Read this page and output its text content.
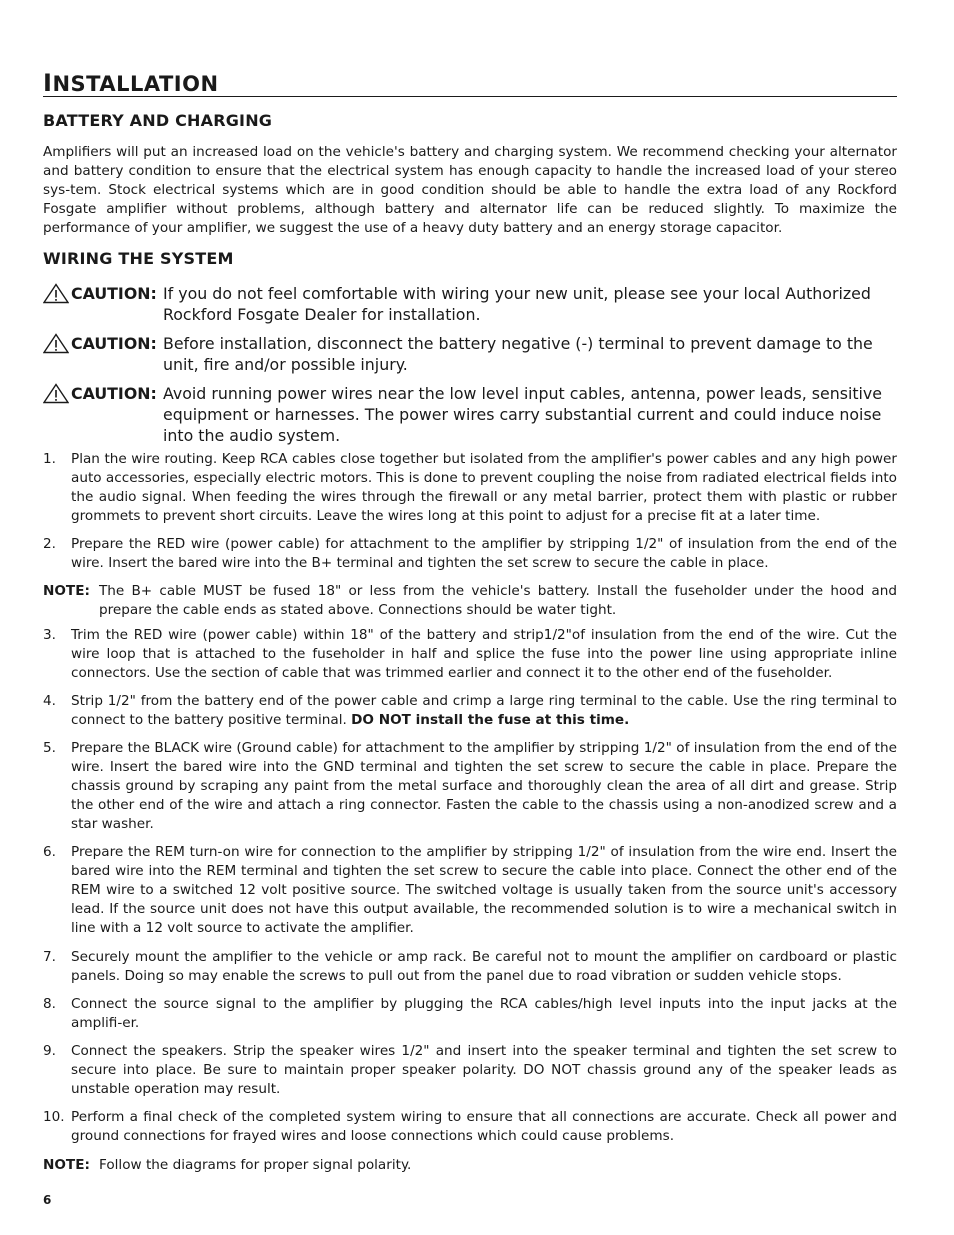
INSTALLATION
BATTERY AND CHARGING
Amplifiers will put an increased load on the vehicle's battery and charging system. We recommend checking your alternator and battery condition to ensure that the electrical system has enough capacity to handle the increased load of your stereo sys-tem. Stock electrical systems which are in good condition should be able to handle the extra load of any Rockford Fosgate amplifier without problems, although battery and alternator life can be reduced slightly. To maximize the performance of your amplifier, we suggest the use of a heavy duty battery and an energy storage capacitor.
WIRING THE SYSTEM
CAUTION: If you do not feel comfortable with wiring your new unit, please see your local Authorized Rockford Fosgate Dealer for installation.
CAUTION: Before installation, disconnect the battery negative (-) terminal to prevent damage to the unit, fire and/or possible injury.
CAUTION: Avoid running power wires near the low level input cables, antenna, power leads, sensitive equipment or harnesses. The power wires carry substantial current and could induce noise into the audio system.
1. Plan the wire routing. Keep RCA cables close together but isolated from the amplifier's power cables and any high power auto accessories, especially electric motors. This is done to prevent coupling the noise from radiated electrical fields into the audio signal. When feeding the wires through the firewall or any metal barrier, protect them with plastic or rubber grommets to prevent short circuits. Leave the wires long at this point to adjust for a precise fit at a later time.
2. Prepare the RED wire (power cable) for attachment to the amplifier by stripping 1/2" of insulation from the end of the wire. Insert the bared wire into the B+ terminal and tighten the set screw to secure the cable in place.
NOTE: The B+ cable MUST be fused 18" or less from the vehicle's battery. Install the fuseholder under the hood and prepare the cable ends as stated above. Connections should be water tight.
3. Trim the RED wire (power cable) within 18" of the battery and strip1/2"of insulation from the end of the wire. Cut the wire loop that is attached to the fuseholder in half and splice the fuse into the power line using appropriate inline connectors. Use the section of cable that was trimmed earlier and connect it to the other end of the fuseholder.
4. Strip 1/2" from the battery end of the power cable and crimp a large ring terminal to the cable. Use the ring terminal to connect to the battery positive terminal. DO NOT install the fuse at this time.
5. Prepare the BLACK wire (Ground cable) for attachment to the amplifier by stripping 1/2" of insulation from the end of the wire. Insert the bared wire into the GND terminal and tighten the set screw to secure the cable in place. Prepare the chassis ground by scraping any paint from the metal surface and thoroughly clean the area of all dirt and grease. Strip the other end of the wire and attach a ring connector. Fasten the cable to the chassis using a non-anodized screw and a star washer.
6. Prepare the REM turn-on wire for connection to the amplifier by stripping 1/2" of insulation from the wire end. Insert the bared wire into the REM terminal and tighten the set screw to secure the cable into place. Connect the other end of the REM wire to a switched 12 volt positive source. The switched voltage is usually taken from the source unit's accessory lead. If the source unit does not have this output available, the recommended solution is to wire a mechanical switch in line with a 12 volt source to activate the amplifier.
7. Securely mount the amplifier to the vehicle or amp rack. Be careful not to mount the amplifier on cardboard or plastic panels. Doing so may enable the screws to pull out from the panel due to road vibration or sudden vehicle stops.
8. Connect the source signal to the amplifier by plugging the RCA cables/high level inputs into the input jacks at the amplifi-er.
9. Connect the speakers. Strip the speaker wires 1/2" and insert into the speaker terminal and tighten the set screw to secure into place. Be sure to maintain proper speaker polarity. DO NOT chassis ground any of the speaker leads as unstable operation may result.
10. Perform a final check of the completed system wiring to ensure that all connections are accurate. Check all power and ground connections for frayed wires and loose connections which could cause problems.
NOTE: Follow the diagrams for proper signal polarity.
6
